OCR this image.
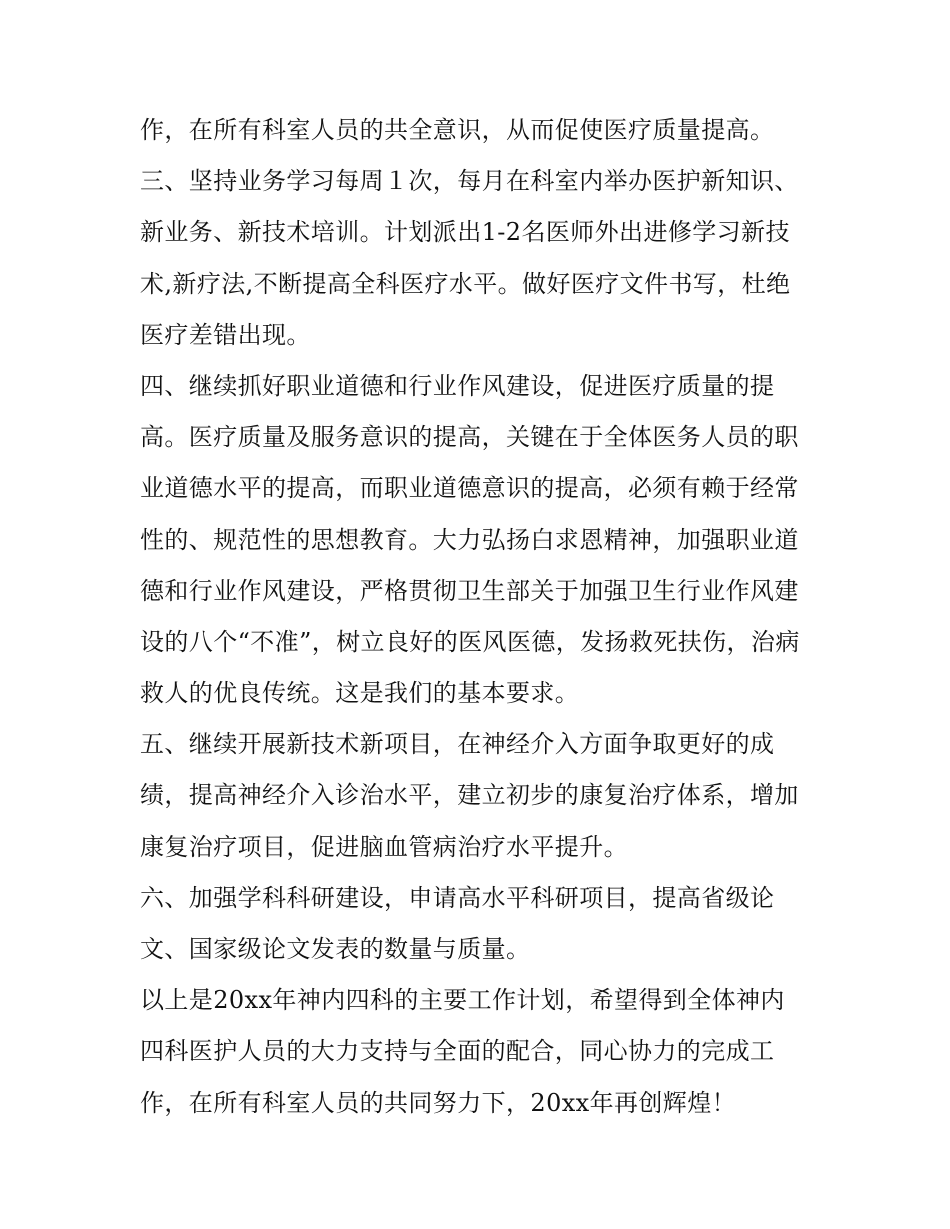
作，在所有科室人员的共全意识，从而促使医疗质量提高。
三、坚持业务学习每周１次，每月在科室内举办医护新知识、
新业务、新技术培训。计划派出1-2名医师外出进修学习新技
术,新疗法,不断提高全科医疗水平。做好医疗文件书写，杜绝
医疗差错出现。
四、继续抓好职业道德和行业作风建设，促进医疗质量的提
高。医疗质量及服务意识的提高，关键在于全体医务人员的职
业道德水平的提高，而职业道德意识的提高，必须有赖于经常
性的、规范性的思想教育。大力弘扬白求恩精神，加强职业道
德和行业作风建设，严格贯彻卫生部关于加强卫生行业作风建
设的八个“不准”，树立良好的医风医德，发扬救死扶伤，治病
救人的优良传统。这是我们的基本要求。
五、继续开展新技术新项目，在神经介入方面争取更好的成
绩，提高神经介入诊治水平，建立初步的康复治疗体系，增加
康复治疗项目，促进脑血管病治疗水平提升。
六、加强学科科研建设，申请高水平科研项目，提高省级论
文、国家级论文发表的数量与质量。
以上是20xx年神内四科的主要工作计划，希望得到全体神内
四科医护人员的大力支持与全面的配合，同心协力的完成工
作，在所有科室人员的共同努力下，20xx年再创辉煌！
